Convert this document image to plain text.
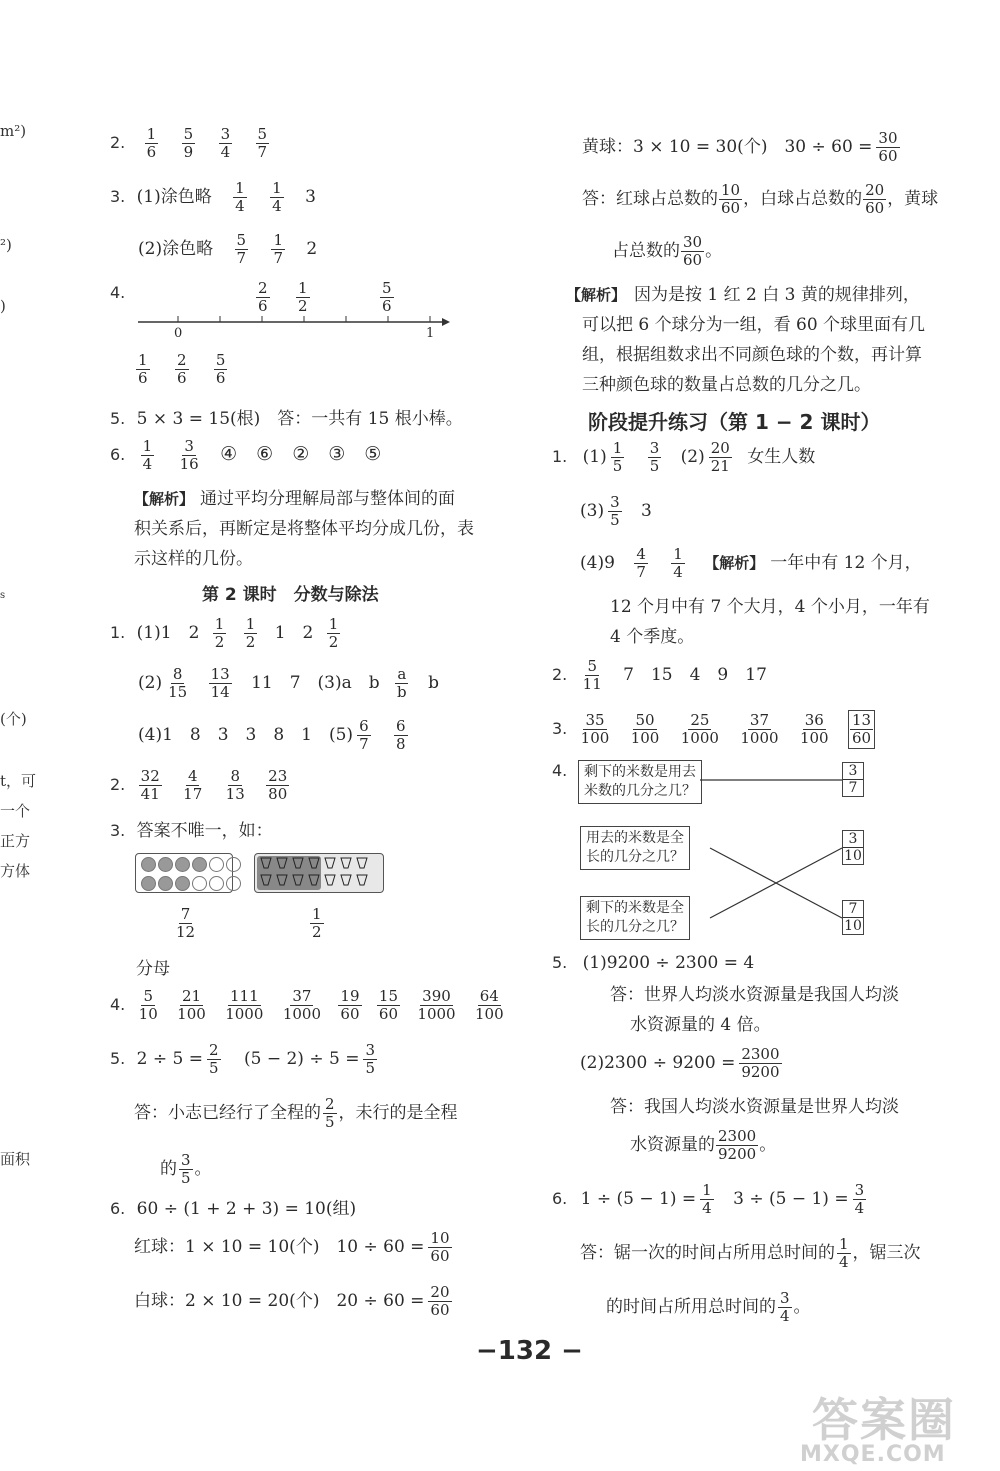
m²)
²)
)
s
(个)
t，可
一个
正方
方体
面积
2. $\frac{1}{6}$
$\frac{5}{9}$
$\frac{3}{4}$
$\frac{5}{7}$
3. (1)涂色略 $\frac{1}{4}$
$\frac{1}{4} 3$
(2)涂色略 $\frac{5}{7}$
$\frac{1}{7} 2$
4.	$\frac{2}{6} \frac{1}{2}$	$\frac{5}{6}$
0	1
$\frac{1}{6}$
$\frac{2}{6}$
$\frac{5}{6}$
5. 5 × 3 = 15(根)　答：一共有 15 根小棒。
6. $\frac{1}{4}$
$\frac{3}{16}$ ④　⑥　②　③　⑤
【解析】 通过平均分理解局部与整体间的面
积关系后，再断定是将整体平均分成几份，表
示这样的几份。
第 2 课时　分数与除法
1. (1)1　$2 \frac{1}{2}$
$\frac{1}{2} 1$　$2 \frac{1}{2}$
$(2) \frac{8}{15}$
$\frac{13}{14} 11$　7　(3)a　b $\frac{a}{b}$ b
(4)1　8　3　3　8　1　$(5) \frac{6}{7}$
$\frac{6}{8}$
2. $\frac{32}{41}$
$\frac{4}{17}$
$\frac{8}{13}$
$\frac{23}{80}$
3. 答案不唯一，如：

$\frac{7}{12}$	$\frac{1}{2}$
分母
4. $\frac{5}{10}$
$\frac{21}{100}$
$\frac{111}{1000}$
$\frac{37}{1000}$
$\frac{19}{60}$
$\frac{15}{60}$
$\frac{390}{1000}$
$\frac{64}{100}$
5. $2 \div 5 = \frac{2}{5} (5 - 2) \div 5 = \frac{3}{5}$
答：小志已经行了全程的 $\frac{2}{5}$ ，未行的是全程
的 $\frac{3}{5}$ 。
6. 60 ÷ (1 + 2 + 3) = 10(组)
红球：1 × 10 = 10(个)　$10 \div 60 = \frac{10}{60}$
白球：2 × 10 = 20(个)　$20 \div 60 = \frac{20}{60}$
黄球：3 × 10 = 30(个)　$30 \div 60 = \frac{30}{60}$
答：红球占总数的 $\frac{10}{60}$ ，白球占总数的 $\frac{20}{60}$ ，黄球
占总数的 $\frac{30}{60}$ 。
【解析】 因为是按 1 红 2 白 3 黄的规律排列，
可以把 6 个球分为一组，看 60 个球里面有几
组，根据组数求出不同颜色球的个数，再计算
三种颜色球的数量占总数的几分之几。
阶段提升练习（第 1 − 2 课时）
1. $(1) \frac{1}{5}$
$\frac{3}{5} (2) \frac{20}{21}$ 女生人数
$(3) \frac{3}{5} 3$
$(4)9 \frac{4}{7}$
$\frac{1}{4}$ 【解析】 一年中有 12 个月，
12 个月中有 7 个大月，4 个小月，一年有
4 个季度。
2. $\frac{5}{11} 7$　15　4　9　17
3. $\frac{35}{100}$
$\frac{50}{100}$
$\frac{25}{1000}$
$\frac{37}{1000}$
$\frac{36}{100}$
$\frac{13}{60}$
4. 剩下的米数是用去
米数的几分之几？
用去的米数是全
长的几分之几？
剩下的米数是全
长的几分之几？
3
7
3
10
7
10
5. (1)9200 ÷ 2300 = 4
答：世界人均淡水资源量是我国人均淡
水资源量的 4 倍。
$(2)2300 \div 9200 = \frac{2300}{9200}$
答：我国人均淡水资源量是世界人均淡
水资源量的 $\frac{2300}{9200}$ 。
6. $1 \div (5 - 1) = \frac{1}{4} 3 \div (5 - 1) = \frac{3}{4}$
答：锯一次的时间占所用总时间的 $\frac{1}{4}$ ，锯三次
的时间占所用总时间的 $\frac{3}{4}$ 。
−132 −
答案圈
MXQE.COM
